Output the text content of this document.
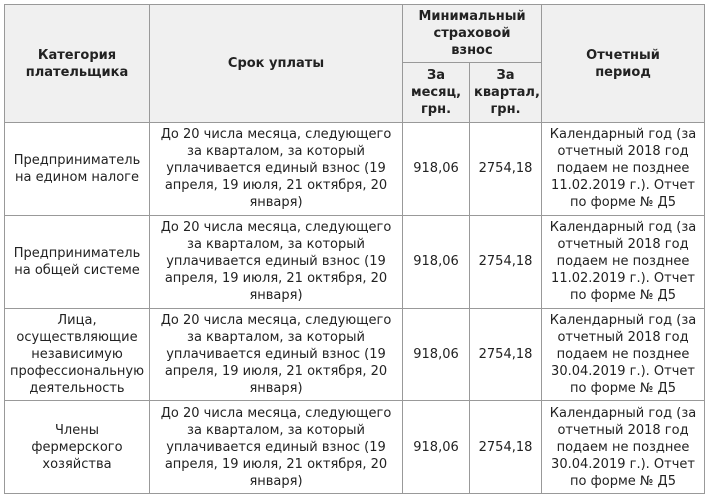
Категория плательщика	Срок уплаты	Минимальный страховой взнос		Отчетный период
		За месяц, грн.	За квартал, грн.	
Предприниматель на едином налоге	До 20 числа месяца, следующего за кварталом, за который уплачивается единый взнос (19 апреля, 19 июля, 21 октября, 20 января)	918,06	2754,18	Календарный год (за отчетный 2018 год подаем не позднее 11.02.2019 г.). Отчет по форме № Д5
Предприниматель на общей системе	До 20 числа месяца, следующего за кварталом, за который уплачивается единый взнос (19 апреля, 19 июля, 21 октября, 20 января)	918,06	2754,18	Календарный год (за отчетный 2018 год подаем не позднее 11.02.2019 г.). Отчет по форме № Д5
Лица, осуществляющие независимую профессиональную деятельность	До 20 числа месяца, следующего за кварталом, за который уплачивается единый взнос (19 апреля, 19 июля, 21 октября, 20 января)	918,06	2754,18	Календарный год (за отчетный 2018 год подаем не позднее 30.04.2019 г.). Отчет по форме № Д5
Члены фермерского хозяйства	До 20 числа месяца, следующего за кварталом, за который уплачивается единый взнос (19 апреля, 19 июля, 21 октября, 20 января)	918,06	2754,18	Календарный год (за отчетный 2018 год подаем не позднее 30.04.2019 г.). Отчет по форме № Д5
